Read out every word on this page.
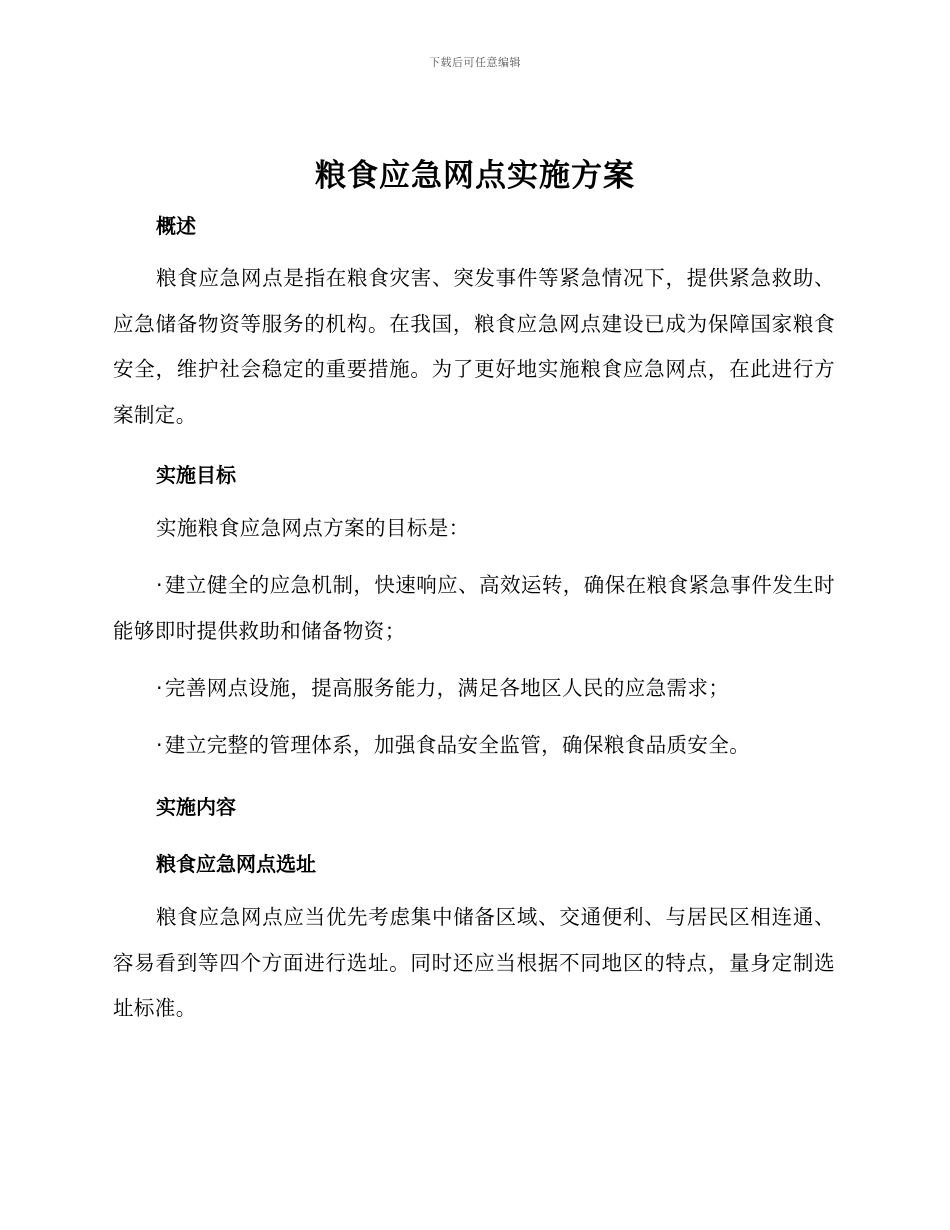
下载后可任意编辑
粮食应急网点实施方案
概述
粮食应急网点是指在粮食灾害、突发事件等紧急情况下，提供紧急救助、应急储备物资等服务的机构。在我国，粮食应急网点建设已成为保障国家粮食安全，维护社会稳定的重要措施。为了更好地实施粮食应急网点，在此进行方案制定。
实施目标
实施粮食应急网点方案的目标是：
·建立健全的应急机制，快速响应、高效运转，确保在粮食紧急事件发生时能够即时提供救助和储备物资；
·完善网点设施，提高服务能力，满足各地区人民的应急需求；
·建立完整的管理体系，加强食品安全监管，确保粮食品质安全。
实施内容
粮食应急网点选址
粮食应急网点应当优先考虑集中储备区域、交通便利、与居民区相连通、容易看到等四个方面进行选址。同时还应当根据不同地区的特点，量身定制选址标准。
